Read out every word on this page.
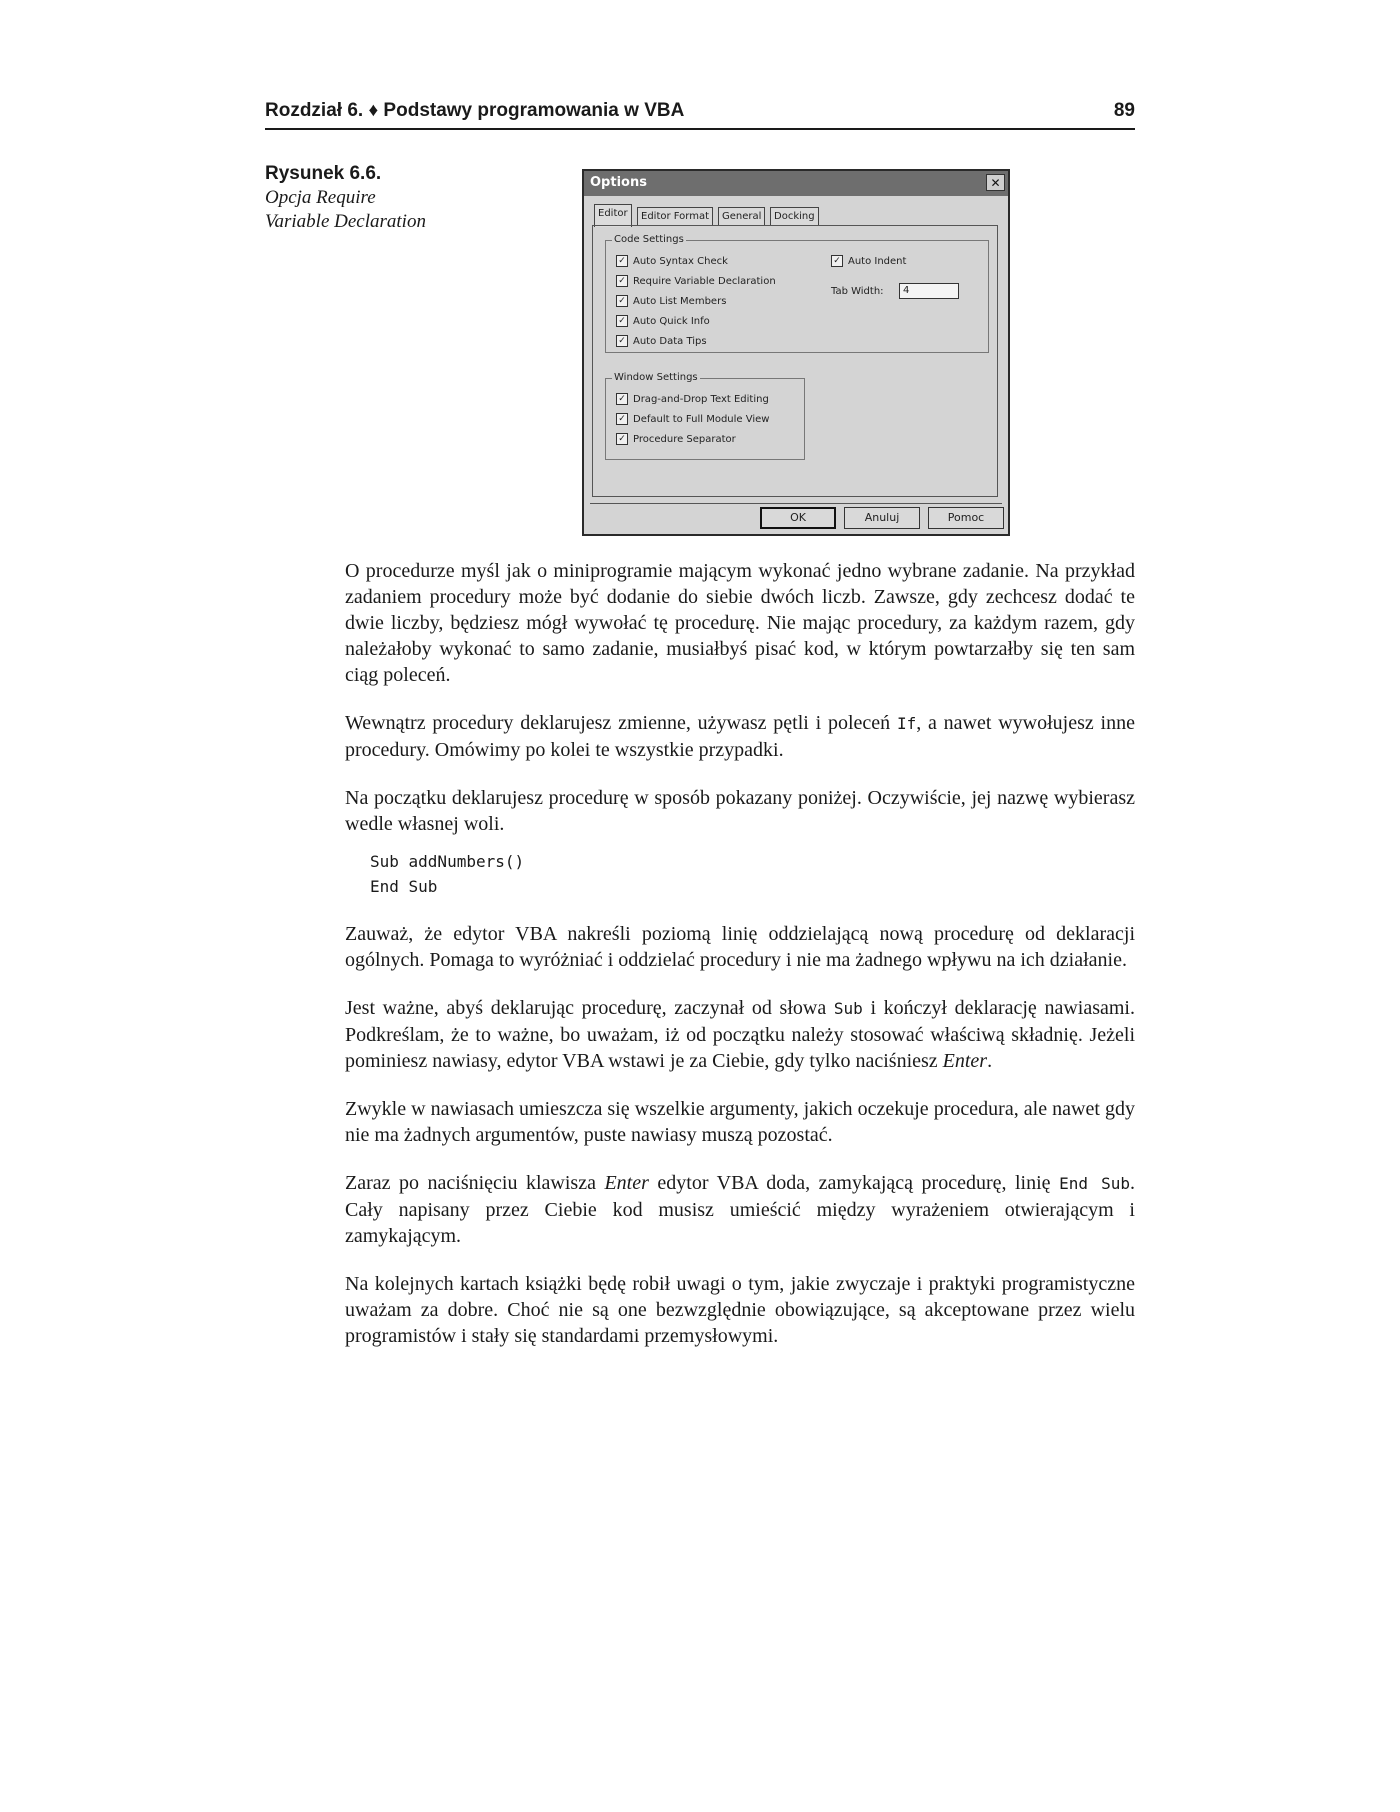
Rozdział 6. ♦ Podstawy programowania w VBA	89
Rysunek 6.6.
Opcja Require
Variable Declaration
Options	✕
Editor	Editor Format	General	Docking
Code Settings
✓ Auto Syntax Check
✓ Require Variable Declaration
✓ Auto List Members
✓ Auto Quick Info
✓ Auto Data Tips
✓ Auto Indent
Tab Width:	4
Window Settings
✓ Drag-and-Drop Text Editing
✓ Default to Full Module View
✓ Procedure Separator
OK	Anuluj	Pomoc

O procedurze myśl jak o miniprogramie mającym wykonać jedno wybrane zadanie. Na przykład zadaniem procedury może być dodanie do siebie dwóch liczb. Zawsze, gdy zechcesz dodać te dwie liczby, będziesz mógł wywołać tę procedurę. Nie mając procedury, za każdym razem, gdy należałoby wykonać to samo zadanie, musiałbyś pisać kod, w którym powtarzałby się ten sam ciąg poleceń.

Wewnątrz procedury deklarujesz zmienne, używasz pętli i poleceń If, a nawet wywołujesz inne procedury. Omówimy po kolei te wszystkie przypadki.

Na początku deklarujesz procedurę w sposób pokazany poniżej. Oczywiście, jej nazwę wybierasz wedle własnej woli.

Sub addNumbers()
End Sub

Zauważ, że edytor VBA nakreśli poziomą linię oddzielającą nową procedurę od deklaracji ogólnych. Pomaga to wyróżniać i oddzielać procedury i nie ma żadnego wpływu na ich działanie.

Jest ważne, abyś deklarując procedurę, zaczynał od słowa Sub i kończył deklarację nawiasami. Podkreślam, że to ważne, bo uważam, iż od początku należy stosować właściwą składnię. Jeżeli pominiesz nawiasy, edytor VBA wstawi je za Ciebie, gdy tylko naciśniesz Enter.

Zwykle w nawiasach umieszcza się wszelkie argumenty, jakich oczekuje procedura, ale nawet gdy nie ma żadnych argumentów, puste nawiasy muszą pozostać.

Zaraz po naciśnięciu klawisza Enter edytor VBA doda, zamykającą procedurę, linię End Sub. Cały napisany przez Ciebie kod musisz umieścić między wyrażeniem otwierającym i zamykającym.

Na kolejnych kartach książki będę robił uwagi o tym, jakie zwyczaje i praktyki programistyczne uważam za dobre. Choć nie są one bezwzględnie obowiązujące, są akceptowane przez wielu programistów i stały się standardami przemysłowymi.
